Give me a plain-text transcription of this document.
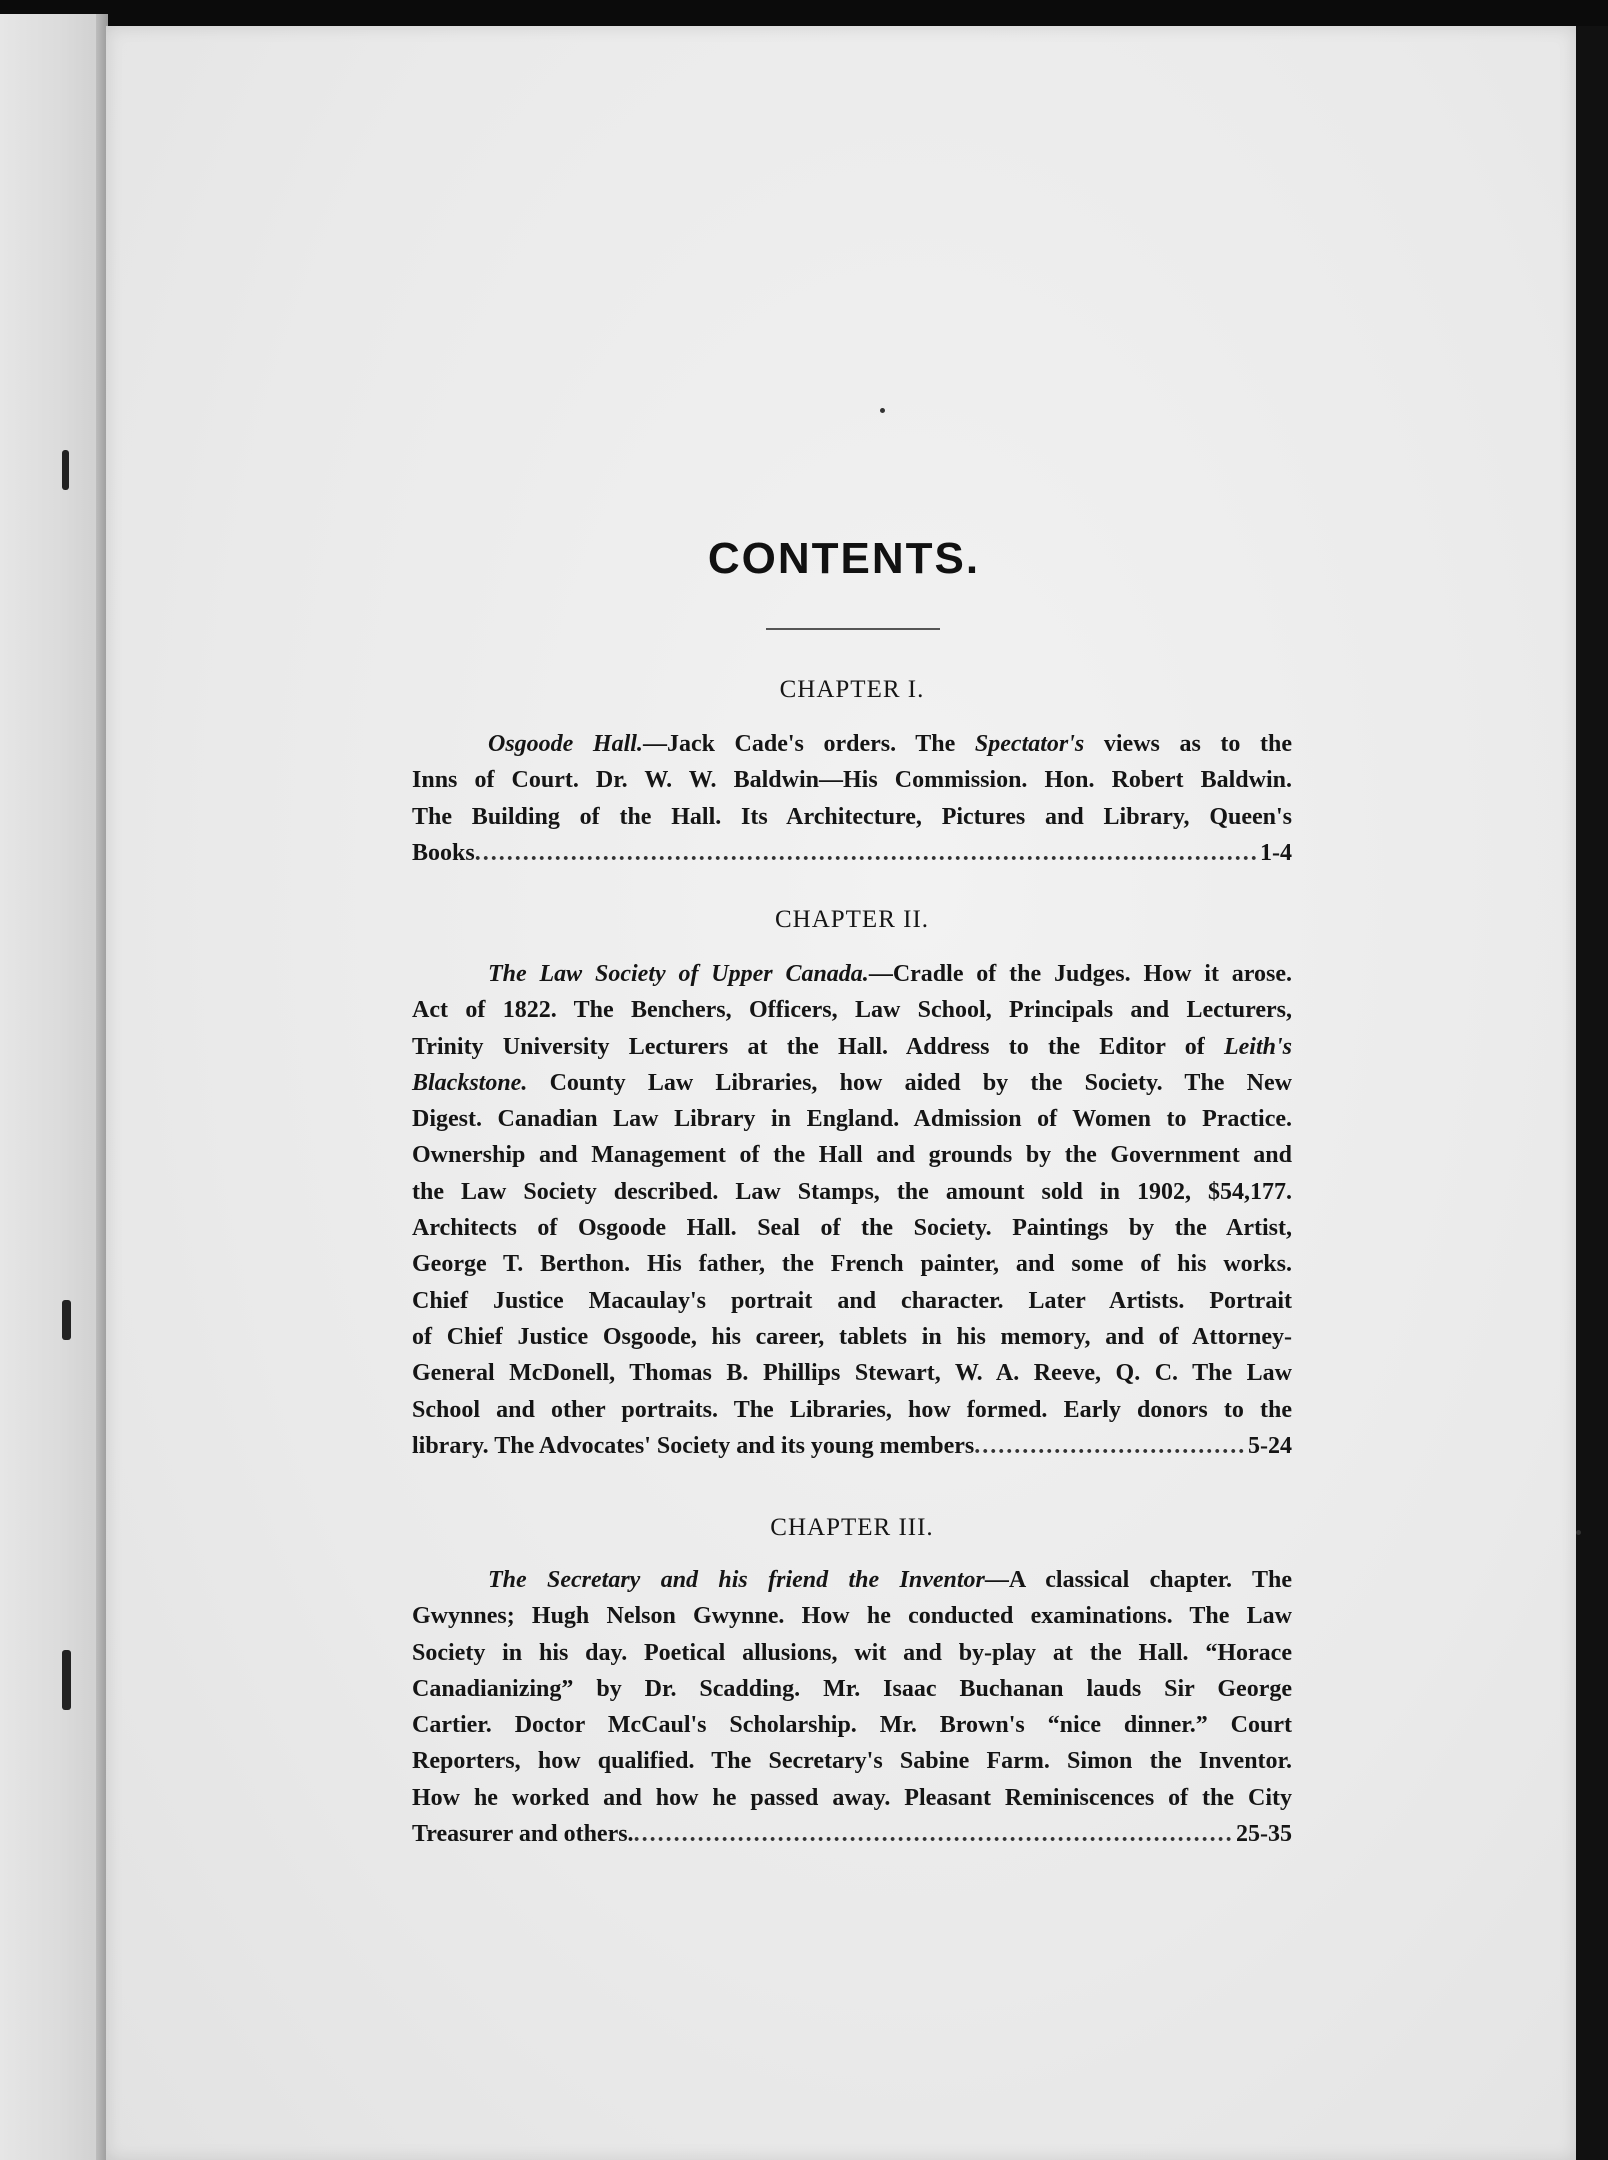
CONTENTS.
CHAPTER I.
Osgoode Hall.—Jack Cade's orders. The Spectator's views as to the
Inns of Court. Dr. W. W. Baldwin—His Commission. Hon. Robert Baldwin.
The Building of the Hall. Its Architecture, Pictures and Library, Queen's
Books .....	1-4
CHAPTER II.
The Law Society of Upper Canada.—Cradle of the Judges. How it arose.
Act of 1822. The Benchers, Officers, Law School, Principals and Lecturers,
Trinity University Lecturers at the Hall. Address to the Editor of Leith's
Blackstone. County Law Libraries, how aided by the Society. The New
Digest. Canadian Law Library in England. Admission of Women to Practice.
Ownership and Management of the Hall and grounds by the Government and
the Law Society described. Law Stamps, the amount sold in 1902, $54,177.
Architects of Osgoode Hall. Seal of the Society. Paintings by the Artist,
George T. Berthon. His father, the French painter, and some of his works.
Chief Justice Macaulay's portrait and character. Later Artists. Portrait
of Chief Justice Osgoode, his career, tablets in his memory, and of Attorney-
General McDonell, Thomas B. Phillips Stewart, W. A. Reeve, Q. C. The Law
School and other portraits. The Libraries, how formed. Early donors to the
library. The Advocates' Society and its young members .....	5-24
CHAPTER III.
The Secretary and his friend the Inventor—A classical chapter. The
Gwynnes; Hugh Nelson Gwynne. How he conducted examinations. The Law
Society in his day. Poetical allusions, wit and by-play at the Hall. “Horace
Canadianizing” by Dr. Scadding. Mr. Isaac Buchanan lauds Sir George
Cartier. Doctor McCaul's Scholarship. Mr. Brown's “nice dinner.” Court
Reporters, how qualified. The Secretary's Sabine Farm. Simon the Inventor.
How he worked and how he passed away. Pleasant Reminiscences of the City
Treasurer and others. .....	25-35
